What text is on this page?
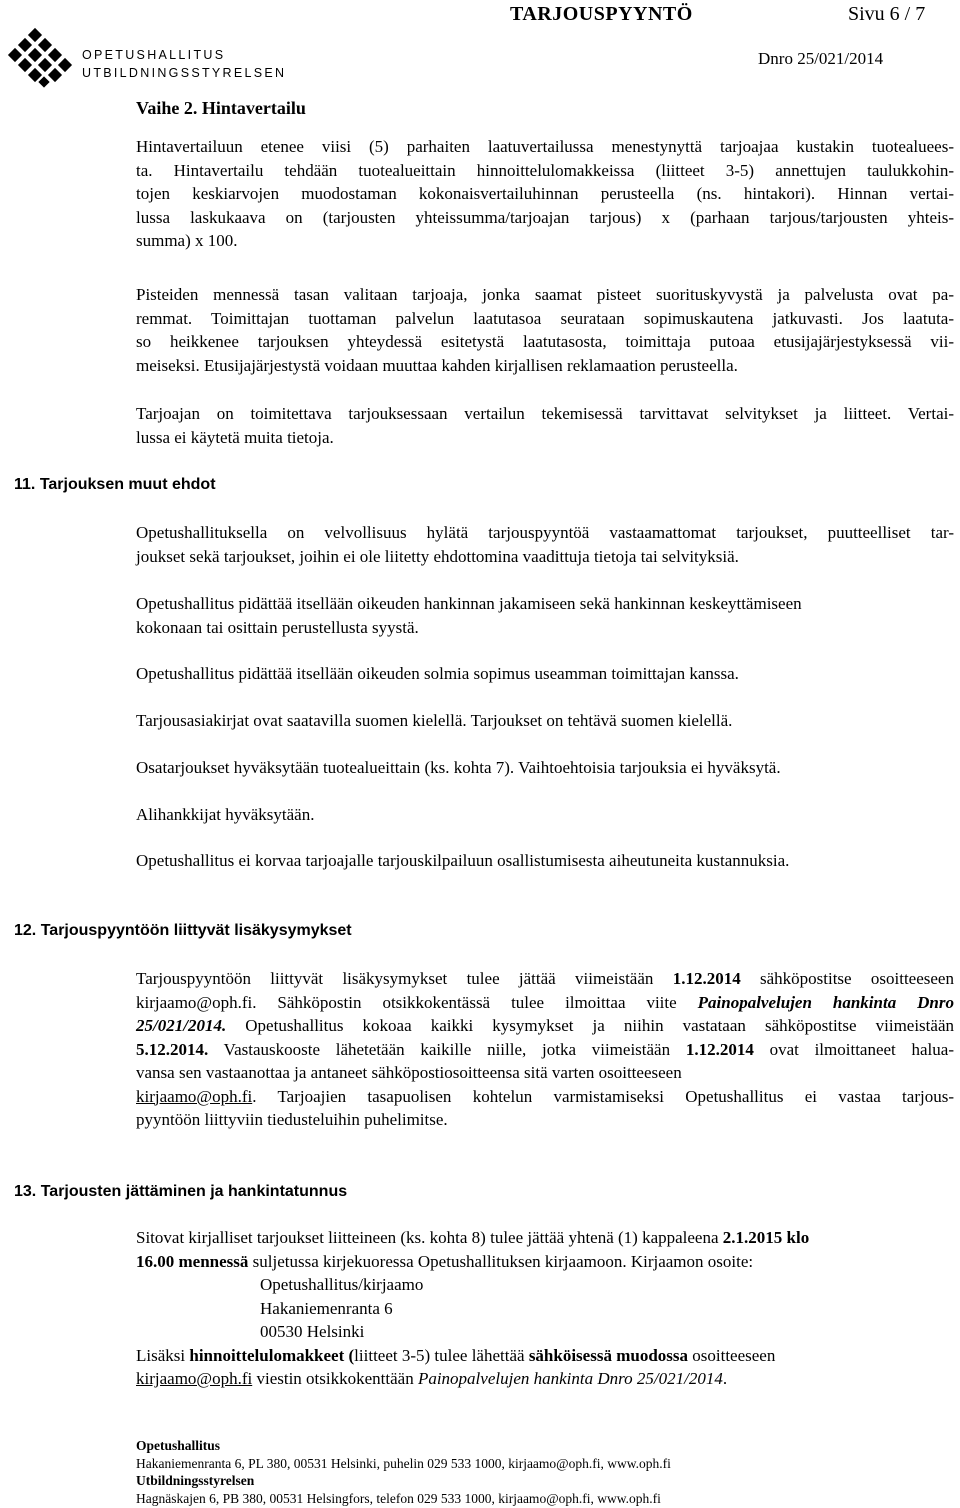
OPETUSHALLITUS
UTBILDNINGSSTYRELSEN
TARJOUSPYYNTÖ	Sivu 6 / 7
Dnro 25/021/2014
Vaihe 2. Hintavertailu
Hintavertailuun etenee viisi (5) parhaiten laatuvertailussa menestynyttä tarjoajaa kustakin tuotealuees-
ta. Hintavertailu tehdään tuotealueittain hinnoittelulomakkeissa (liitteet 3-5) annettujen taulukkohin-
tojen keskiarvojen muodostaman kokonaisvertailuhinnan perusteella (ns. hintakori). Hinnan vertai-
lussa laskukaava on (tarjousten yhteissumma/tarjoajan tarjous) x (parhaan tarjous/tarjousten yhteis-
summa) x 100.
Pisteiden mennessä tasan valitaan tarjoaja, jonka saamat pisteet suorituskyvystä ja palvelusta ovat pa-
remmat. Toimittajan tuottaman palvelun laatutasoa seurataan sopimuskautena jatkuvasti. Jos laatuta-
so heikkenee tarjouksen yhteydessä esitetystä laatutasosta, toimittaja putoaa etusijajärjestyksessä vii-
meiseksi. Etusijajärjestystä voidaan muuttaa kahden kirjallisen reklamaation perusteella.
Tarjoajan on toimitettava tarjouksessaan vertailun tekemisessä tarvittavat selvitykset ja liitteet. Vertai-
lussa ei käytetä muita tietoja.
11. Tarjouksen muut ehdot
Opetushallituksella on velvollisuus hylätä tarjouspyyntöä vastaamattomat tarjoukset, puutteelliset tar-
joukset sekä tarjoukset, joihin ei ole liitetty ehdottomina vaadittuja tietoja tai selvityksiä.
Opetushallitus pidättää itsellään oikeuden hankinnan jakamiseen sekä hankinnan keskeyttämiseen
kokonaan tai osittain perustellusta syystä.
Opetushallitus pidättää itsellään oikeuden solmia sopimus useamman toimittajan kanssa.
Tarjousasiakirjat ovat saatavilla suomen kielellä. Tarjoukset on tehtävä suomen kielellä.
Osatarjoukset hyväksytään tuotealueittain (ks. kohta 7). Vaihtoehtoisia tarjouksia ei hyväksytä.
Alihankkijat hyväksytään.
Opetushallitus ei korvaa tarjoajalle tarjouskilpailuun osallistumisesta aiheutuneita kustannuksia.
12. Tarjouspyyntöön liittyvät lisäkysymykset
Tarjouspyyntöön liittyvät lisäkysymykset tulee jättää viimeistään 1.12.2014 sähköpostitse osoitteeseen
kirjaamo@oph.fi. Sähköpostin otsikkokentässä tulee ilmoittaa viite Painopalvelujen hankinta Dnro
25/021/2014. Opetushallitus kokoaa kaikki kysymykset ja niihin vastataan sähköpostitse viimeistään
5.12.2014. Vastauskooste lähetetään kaikille niille, jotka viimeistään 1.12.2014 ovat ilmoittaneet halua-
vansa sen vastaanottaa ja antaneet sähköpostiosoitteensa sitä varten osoitteeseen
kirjaamo@oph.fi. Tarjoajien tasapuolisen kohtelun varmistamiseksi Opetushallitus ei vastaa tarjous-
pyyntöön liittyviin tiedusteluihin puhelimitse.
13. Tarjousten jättäminen ja hankintatunnus
Sitovat kirjalliset tarjoukset liitteineen (ks. kohta 8) tulee jättää yhtenä (1) kappaleena 2.1.2015 klo
16.00 mennessä suljetussa kirjekuoressa Opetushallituksen kirjaamoon. Kirjaamon osoite:
Opetushallitus/kirjaamo
Hakaniemenranta 6
00530 Helsinki
Lisäksi hinnoittelulomakkeet (liitteet 3-5) tulee lähettää sähköisessä muodossa osoitteeseen
kirjaamo@oph.fi viestin otsikkokenttään Painopalvelujen hankinta Dnro 25/021/2014.
Opetushallitus
Hakaniemenranta 6, PL 380, 00531 Helsinki, puhelin 029 533 1000, kirjaamo@oph.fi, www.oph.fi
Utbildningsstyrelsen
Hagnäskajen 6, PB 380, 00531 Helsingfors, telefon 029 533 1000, kirjaamo@oph.fi, www.oph.fi
